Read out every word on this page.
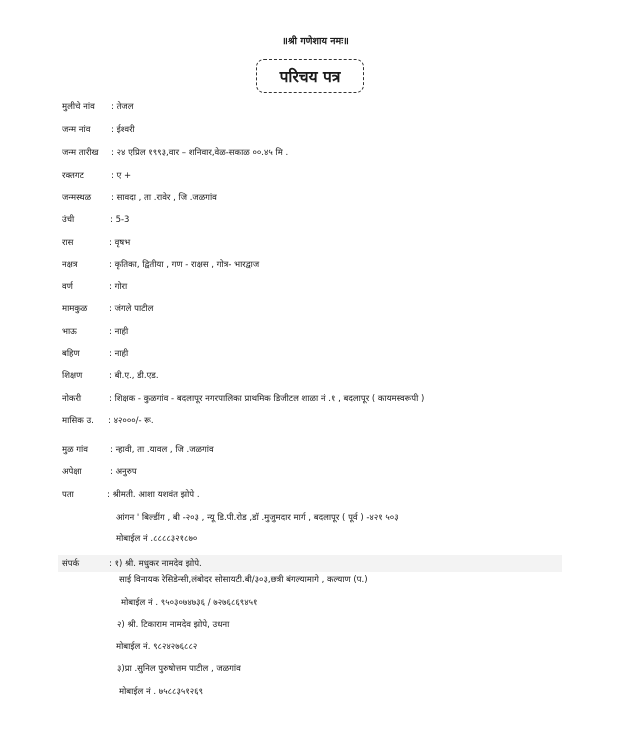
॥श्री गणेशाय नमः॥
परिचय पत्र
मुलीचे नांव : तेजल
जन्म नांव : ईश्वरी
जन्म तारीख : २४ एप्रिल १९९३,वार – शनिवार,वेळ-सकाळ ००.४५ मि .
रक्तगट	: ए +
जन्मस्थळ : सावदा , ता .रावेर , जि .जळगांव
उंची	: 5-3
रास	: वृषभ
नक्षत्र	: कृतिका, द्वितीया , गण - राक्षस , गोत्र- भारद्वाज
वर्ण	: गोरा
मामकुळ	: जंगले पाटील
भाऊ	: नाही
बहिण	: नाही
शिक्षण	: बी.ए., डी.एड.
नोकरी	: शिक्षक - कुळगांव - बदलापूर नगरपालिका प्राथमिक डिजीटल शाळा नं .१ , बदलापूर ( कायमस्वरूपी )
मासिक उ. : ४२०००/- रू.
मुळ गांव	: न्हावी, ता .यावल , जि .जळगांव
अपेक्षा	: अनुरुप
पता	: श्रीमती. आशा यशवंत झोपे .
आंगन ' बिल्डींग , बी -२०३ , न्यू डि.पी.रोड ,डॉ .मुजुमदार मार्ग , बदलापूर ( पूर्व ) -४२१ ५०३
मोबाईल नं .८८८८३२१८७०
संपर्क	: १) श्री. मधुकर नामदेव झोपे.
साई विनायक रेसिडेन्सी,लंबोदर सोसायटी.बी/३०३,छत्री बंगल्यामागे , कल्याण (प.)
मोबाईल नं . ९५०३०७४७३६ / ७२७६८६९४५१
२) श्री. टिकाराम नामदेव झोपे, उधना
मोबाईल नं. ९८२४२७६८८२
३)प्रा .सुनिल पुरुषोत्तम पाटील , जळगांव
मोबाईल नं . ७५८८३५१२६९
